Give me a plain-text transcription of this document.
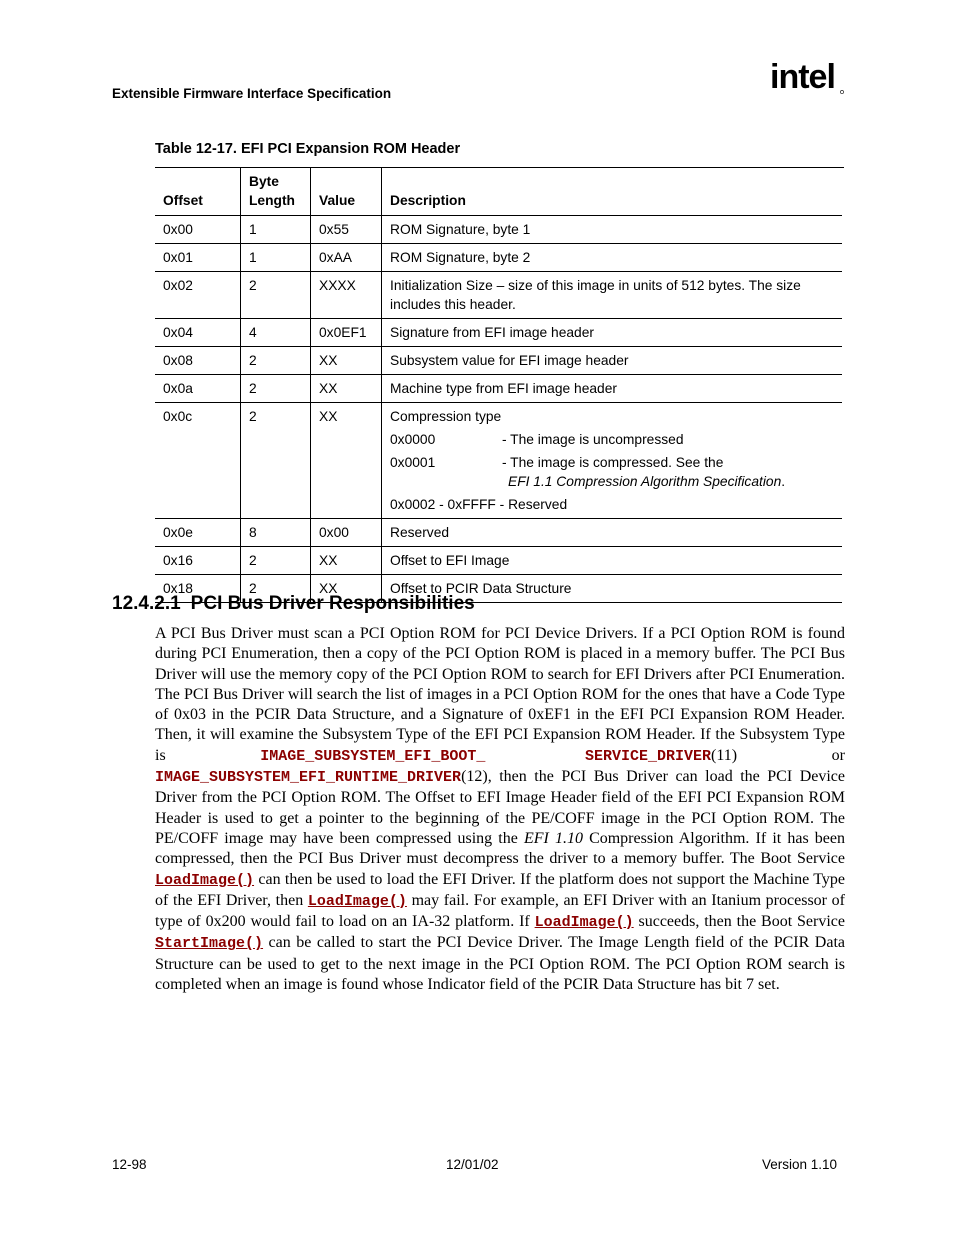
Extensible Firmware Interface Specification	intel
Table 12-17. EFI PCI Expansion ROM Header
Offset	Byte Length	Value	Description
0x00	1	0x55	ROM Signature, byte 1
0x01	1	0xAA	ROM Signature, byte 2
0x02	2	XXXX	Initialization Size – size of this image in units of 512 bytes. The size includes this header.
0x04	4	0x0EF1	Signature from EFI image header
0x08	2	XX	Subsystem value for EFI image header
0x0a	2	XX	Machine type from EFI image header
0x0c	2	XX	Compression type
0x0000 - The image is uncompressed
0x0001 - The image is compressed. See the
EFI 1.1 Compression Algorithm Specification.
0x0002 - 0xFFFF - Reserved

0x0e	8	0x00	Reserved
0x16	2	XX	Offset to EFI Image
0x18	2	XX	Offset to PCIR Data Structure
12.4.2.1 PCI Bus Driver Responsibilities
A PCI Bus Driver must scan a PCI Option ROM for PCI Device Drivers. If a PCI Option ROM is found during PCI Enumeration, then a copy of the PCI Option ROM is placed in a memory buffer. The PCI Bus Driver will use the memory copy of the PCI Option ROM to search for EFI Drivers after PCI Enumeration. The PCI Bus Driver will search the list of images in a PCI Option ROM for the ones that have a Code Type of 0x03 in the PCIR Data Structure, and a Signature of 0xEF1 in the EFI PCI Expansion ROM Header. Then, it will examine the Subsystem Type of the EFI PCI Expansion ROM Header. If the Subsystem Type is IMAGE_SUBSYSTEM_EFI_BOOT_ SERVICE_DRIVER(11) or IMAGE_SUBSYSTEM_EFI_RUNTIME_DRIVER(12), then the PCI Bus Driver can load the PCI Device Driver from the PCI Option ROM. The Offset to EFI Image Header field of the EFI PCI Expansion ROM Header is used to get a pointer to the beginning of the PE/COFF image in the PCI Option ROM. The PE/COFF image may have been compressed using the EFI 1.10 Compression Algorithm. If it has been compressed, then the PCI Bus Driver must decompress the driver to a memory buffer. The Boot Service LoadImage() can then be used to load the EFI Driver. If the platform does not support the Machine Type of the EFI Driver, then LoadImage() may fail. For example, an EFI Driver with an Itanium processor of type of 0x200 would fail to load on an IA-32 platform. If LoadImage() succeeds, then the Boot Service StartImage() can be called to start the PCI Device Driver. The Image Length field of the PCIR Data Structure can be used to get to the next image in the PCI Option ROM. The PCI Option ROM search is completed when an image is found whose Indicator field of the PCIR Data Structure has bit 7 set.
12-98	12/01/02	Version 1.10
